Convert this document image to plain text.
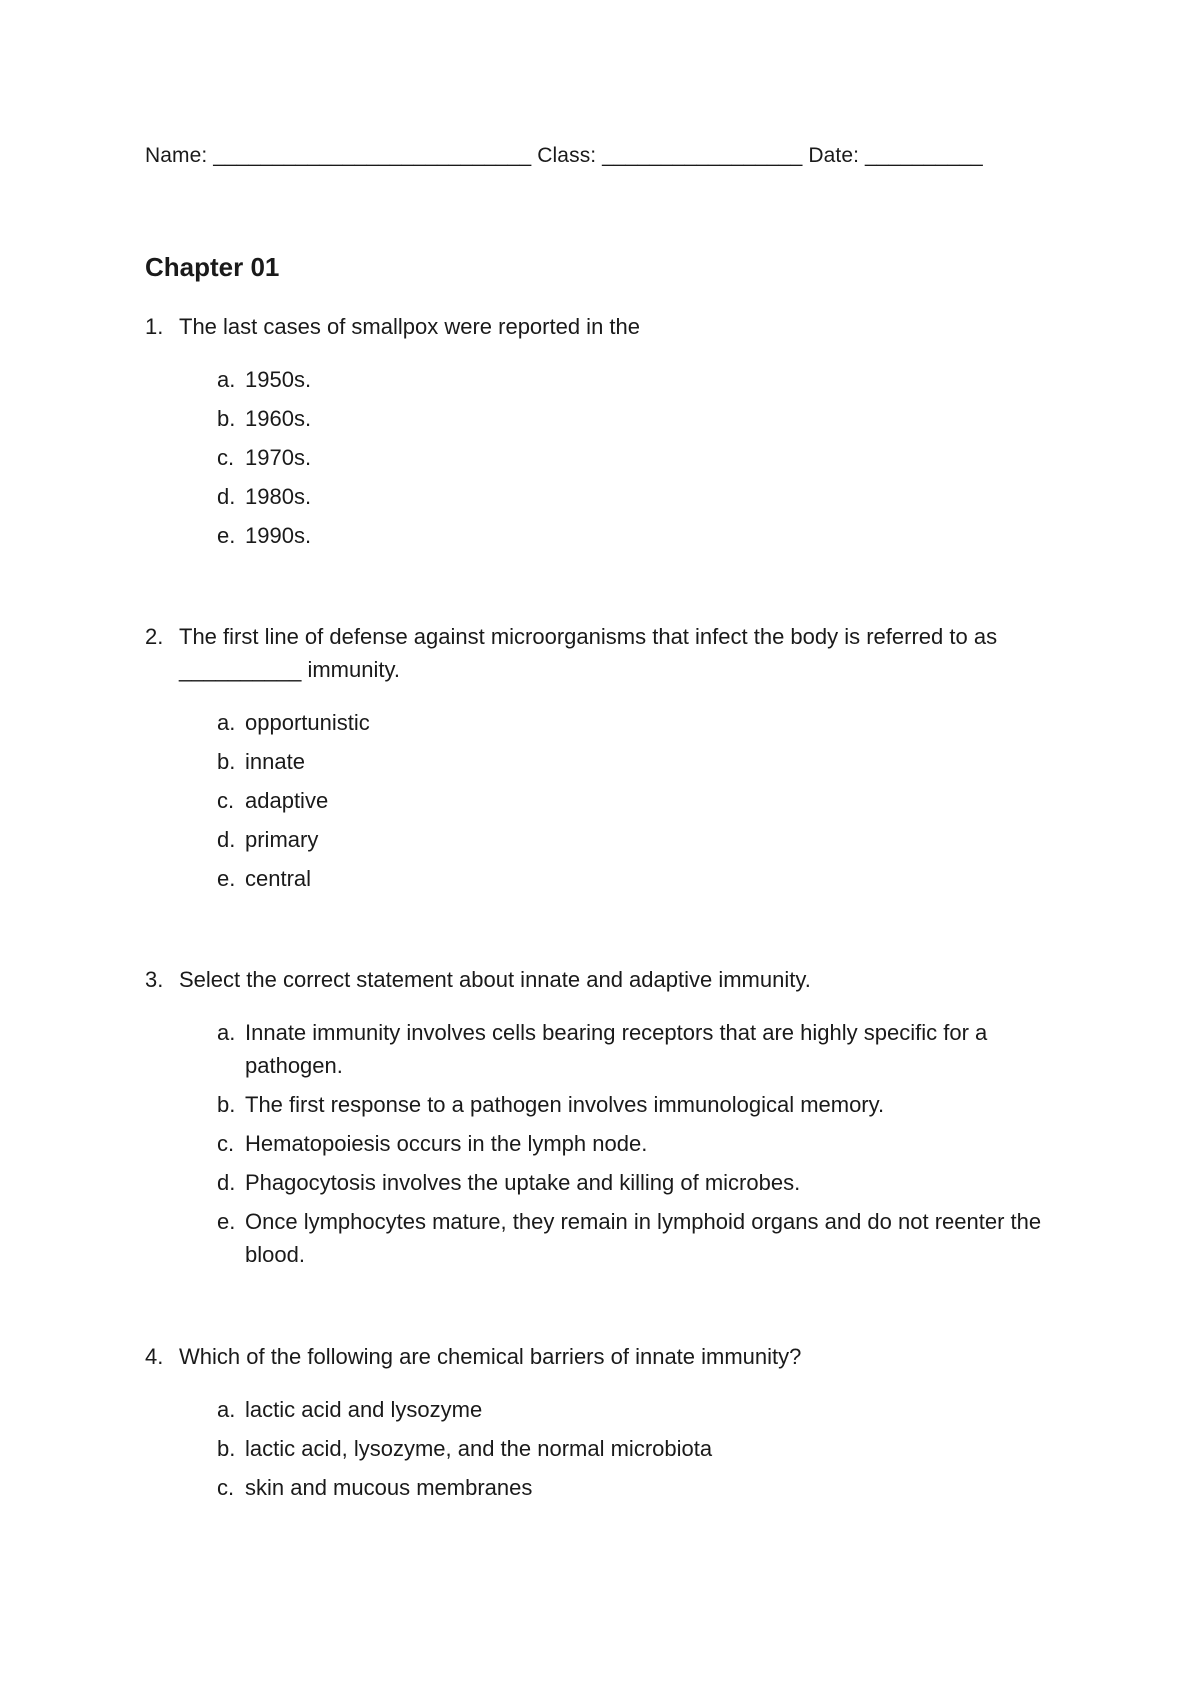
Name: ___________________________ Class: _________________ Date: __________
Chapter 01
1. The last cases of smallpox were reported in the
a. 1950s.
b. 1960s.
c. 1970s.
d. 1980s.
e. 1990s.
2. The first line of defense against microorganisms that infect the body is referred to as __________ immunity.
a. opportunistic
b. innate
c. adaptive
d. primary
e. central
3. Select the correct statement about innate and adaptive immunity.
a. Innate immunity involves cells bearing receptors that are highly specific for a pathogen.
b. The first response to a pathogen involves immunological memory.
c. Hematopoiesis occurs in the lymph node.
d. Phagocytosis involves the uptake and killing of microbes.
e. Once lymphocytes mature, they remain in lymphoid organs and do not reenter the blood.
4. Which of the following are chemical barriers of innate immunity?
a. lactic acid and lysozyme
b. lactic acid, lysozyme, and the normal microbiota
c. skin and mucous membranes
